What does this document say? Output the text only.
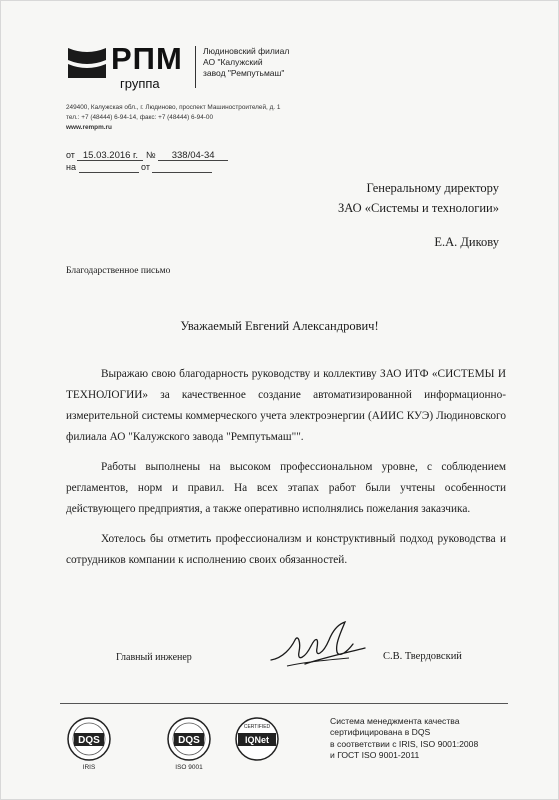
РПМ
группа
Людиновский филиал
АО "Калужский
завод "Ремпутьмаш"
249400, Калужская обл., г. Людиново, проспект Машиностроителей, д. 1
тел.: +7 (48444) 6-94-14, факс: +7 (48444) 6-94-00
www.rempm.ru
от 15.03.2016 г. № 338/04-34
на	от
Генеральному директору
ЗАО «Системы и технологии»
Е.А. Дикову
Благодарственное письмо
Уважаемый Евгений Александрович!

Выражаю свою благодарность руководству и коллективу ЗАО ИТФ «СИСТЕМЫ И ТЕХНОЛОГИИ» за качественное создание автоматизированной информационно-измерительной системы коммерческого учета электроэнергии (АИИС КУЭ) Людиновского филиала АО "Калужского завода "Ремпутьмаш"".

Работы выполнены на высоком профессиональном уровне, с соблюдением регламентов, норм и правил. На всех этапах работ были учтены особенности действующего предприятия, а также оперативно исполнялись пожелания заказчика.

Хотелось бы отметить профессионализм и конструктивный подход руководства и сотрудников компании к исполнению своих обязанностей.

Главный инженер	С.В. Твердовский
DQS
IRIS
DQS
ISO 9001
IQNet
CERTIFIED
Система менеджмента качества
сертифицирована в DQS
в соответствии с IRIS, ISO 9001:2008
и ГОСТ ISO 9001-2011
